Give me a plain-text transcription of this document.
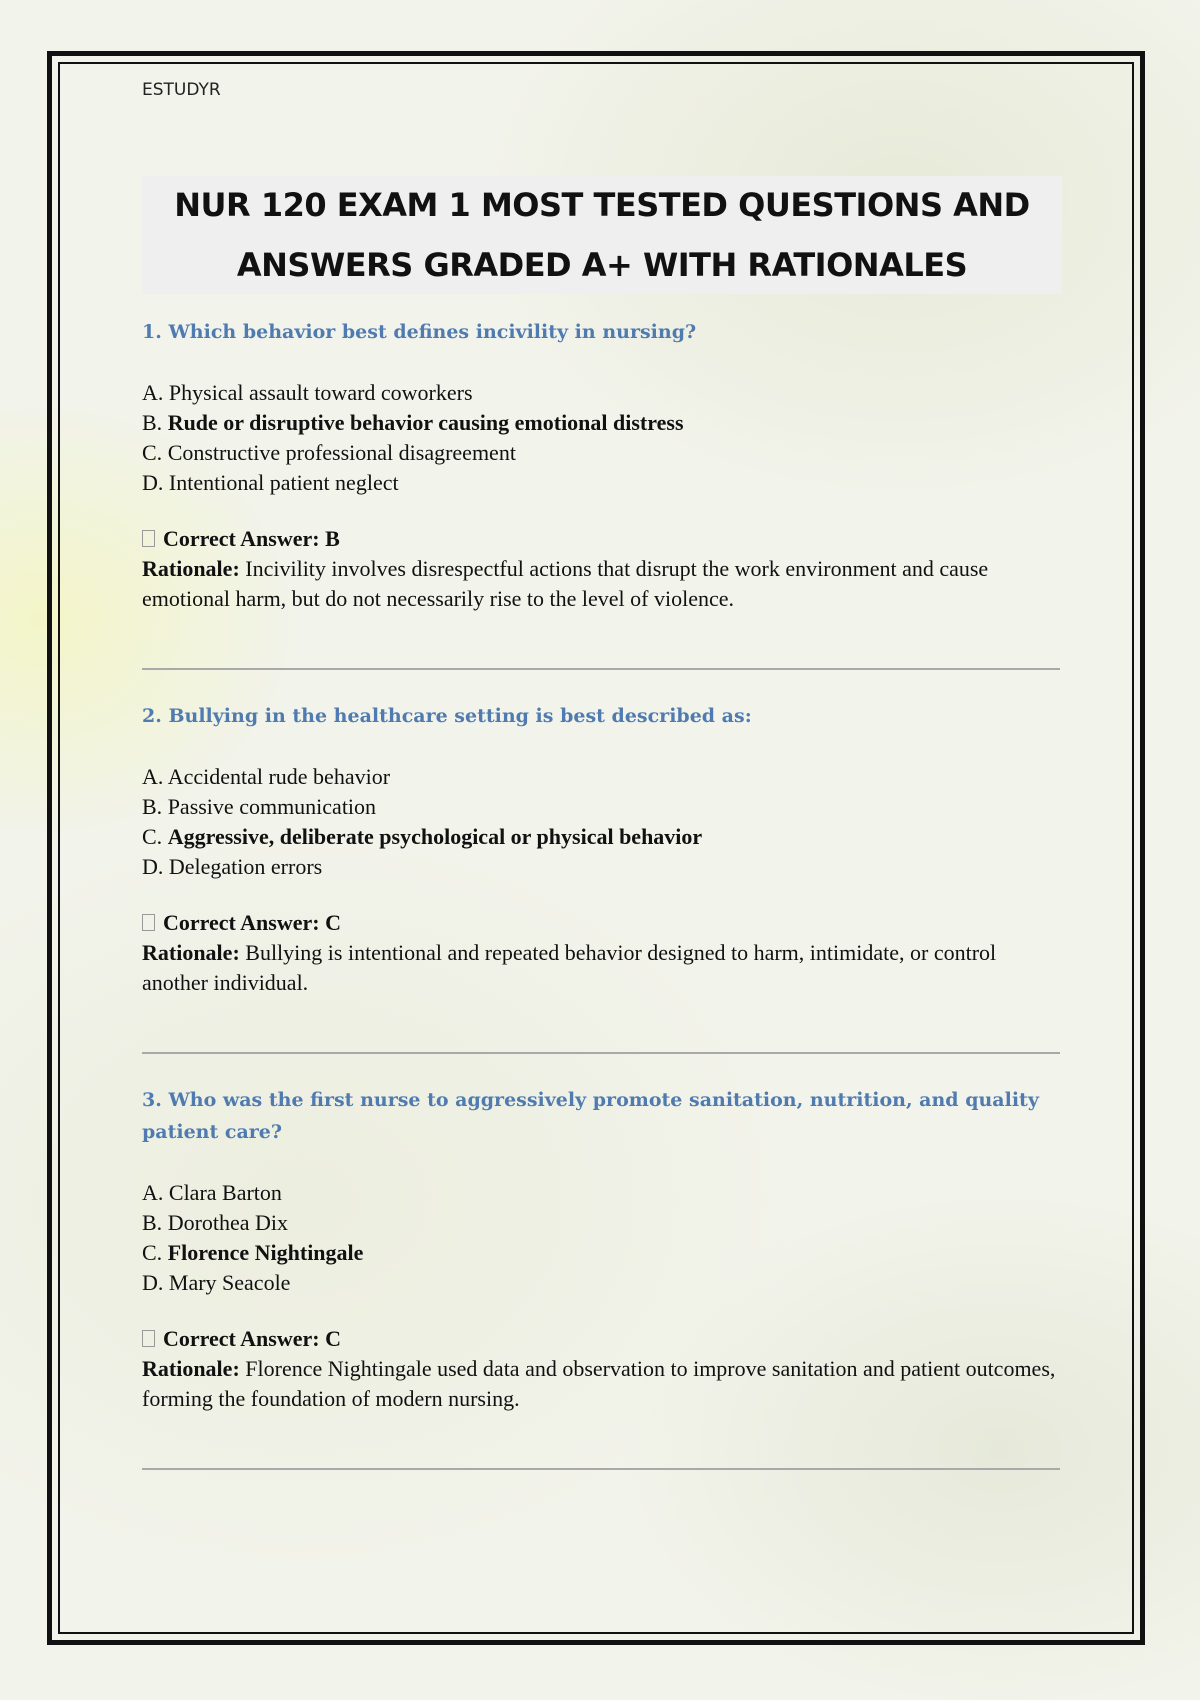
ESTUDYR
NUR 120 EXAM 1 MOST TESTED QUESTIONS AND
ANSWERS GRADED A+ WITH RATIONALES

1. Which behavior best defines incivility in nursing?

A. Physical assault toward coworkers
B. Rude or disruptive behavior causing emotional distress
C. Constructive professional disagreement
D. Intentional patient neglect
Correct Answer: B
Rationale: Incivility involves disrespectful actions that disrupt the work environment and cause emotional harm, but do not necessarily rise to the level of violence.

2. Bullying in the healthcare setting is best described as:

A. Accidental rude behavior
B. Passive communication
C. Aggressive, deliberate psychological or physical behavior
D. Delegation errors
Correct Answer: C
Rationale: Bullying is intentional and repeated behavior designed to harm, intimidate, or control another individual.

3. Who was the first nurse to aggressively promote sanitation, nutrition, and quality patient care?

A. Clara Barton
B. Dorothea Dix
C. Florence Nightingale
D. Mary Seacole
Correct Answer: C
Rationale: Florence Nightingale used data and observation to improve sanitation and patient outcomes, forming the foundation of modern nursing.
